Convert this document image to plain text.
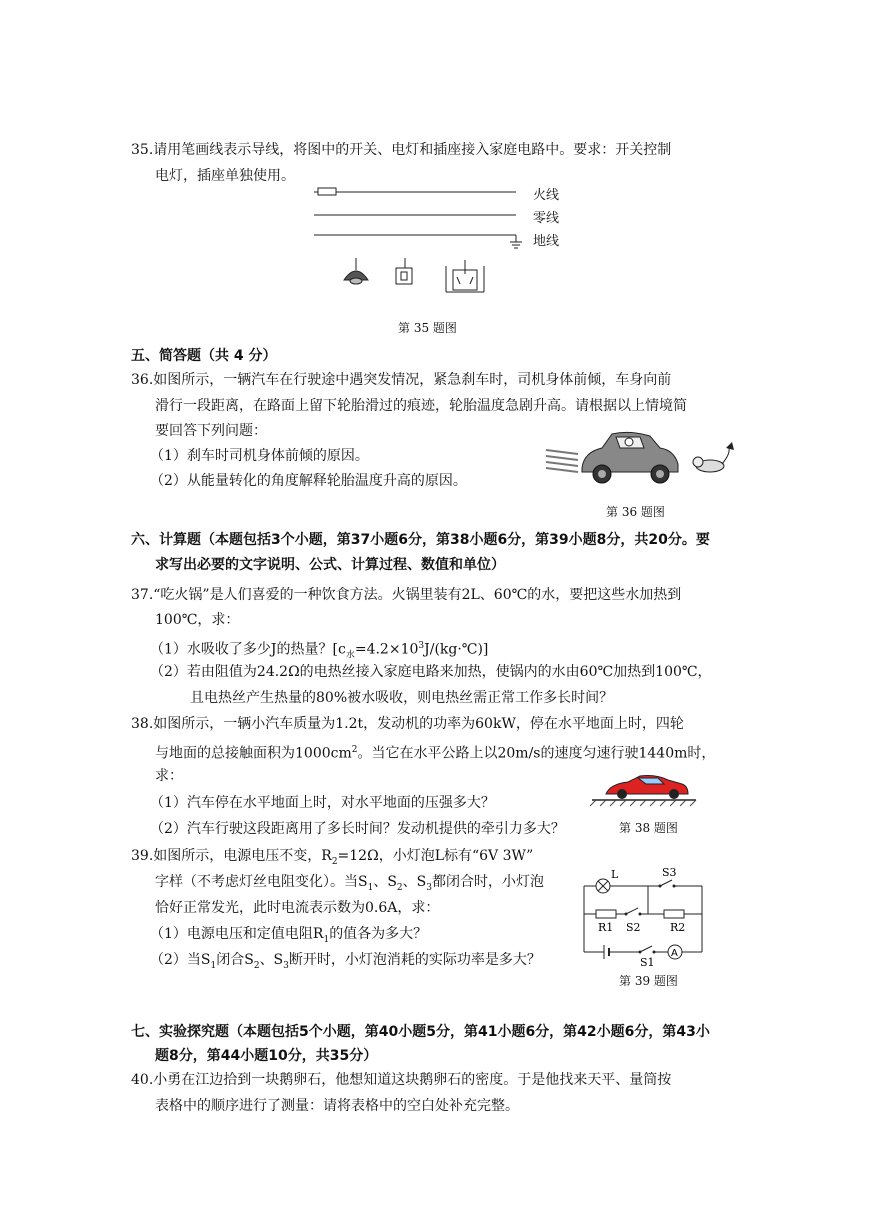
35.请用笔画线表示导线，将图中的开关、电灯和插座接入家庭电路中。要求：开关控制
电灯，插座单独使用。
火线
零线
地线
第 35 题图
五、简答题（共 4 分）
36.如图所示，一辆汽车在行驶途中遇突发情况，紧急刹车时，司机身体前倾，车身向前
滑行一段距离，在路面上留下轮胎滑过的痕迹，轮胎温度急剧升高。请根据以上情境简
要回答下列问题：
（1）刹车时司机身体前倾的原因。
（2）从能量转化的角度解释轮胎温度升高的原因。
第 36 题图
六、计算题（本题包括3个小题，第37小题6分，第38小题6分，第39小题8分，共20分。要
求写出必要的文字说明、公式、计算过程、数值和单位）
37.“吃火锅”是人们喜爱的一种饮食方法。火锅里装有2L、60℃的水，要把这些水加热到
100℃，求：
（1）水吸收了多少J的热量？$[c_水=4.2\times 10^3J/(kg\cdot℃)]$
（2）若由阻值为24.2Ω的电热丝接入家庭电路来加热，使锅内的水由60℃加热到100℃，
且电热丝产生热量的80%被水吸收，则电热丝需正常工作多长时间？
38.如图所示，一辆小汽车质量为1.2t，发动机的功率为60kW，停在水平地面上时，四轮
与地面的总接触面积为$1000cm^2$。当它在水平公路上以20m/s的速度匀速行驶1440m时，
求：
（1）汽车停在水平地面上时，对水平地面的压强多大？
（2）汽车行驶这段距离用了多长时间？发动机提供的牵引力多大？	第 38 题图
39.如图所示，电源电压不变，$R_2=12\Omega$，小灯泡L标有“6V 3W”
字样（不考虑灯丝电阻变化）。当$S_1$、$S_2$、$S_3$都闭合时，小灯泡
恰好正常发光，此时电流表示数为0.6A，求：
（1）电源电压和定值电阻$R_1$的值各为多大？
（2）当$S_1$闭合$S_2$、$S_3$断开时，小灯泡消耗的实际功率是多大？
L	S3
R1 S2	R2
S1
A
第 39 题图
七、实验探究题（本题包括5个小题，第40小题5分，第41小题6分，第42小题6分，第43小
题8分，第44小题10分，共35分）
40.小勇在江边拾到一块鹅卵石，他想知道这块鹅卵石的密度。于是他找来天平、量筒按
表格中的顺序进行了测量：请将表格中的空白处补充完整。
